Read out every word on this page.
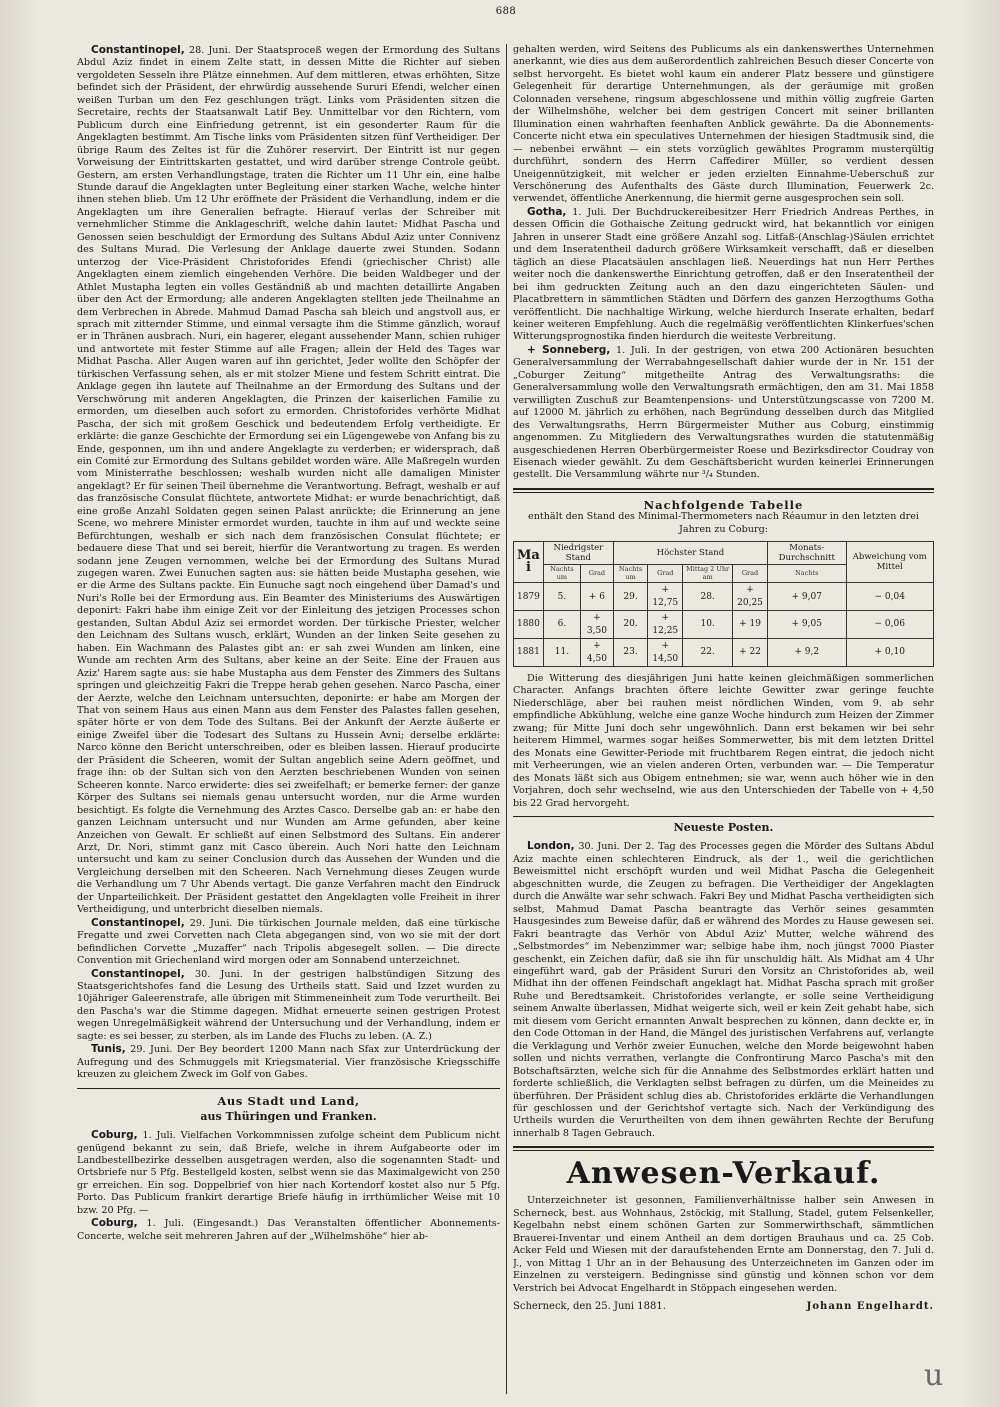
688

Constantinopel, 28. Juni. Der Staatsproceß wegen der Ermordung des Sultans Abdul Aziz findet in einem Zelte statt, in dessen Mitte die Richter auf sieben vergoldeten Sesseln ihre Plätze einnehmen. Auf dem mittleren, etwas erhöhten, Sitze befindet sich der Präsident, der ehrwürdig aussehende Sururi Efendi, welcher einen weißen Turban um den Fez geschlungen trägt. Links vom Präsidenten sitzen die Secretaire, rechts der Staatsanwalt Latif Bey. Unmittelbar vor den Richtern, vom Publicum durch eine Einfriedung getrennt, ist ein gesonderter Raum für die Angeklagten bestimmt. Am Tische links vom Präsidenten sitzen fünf Vertheidiger. Der übrige Raum des Zeltes ist für die Zuhörer reservirt. Der Eintritt ist nur gegen Vorweisung der Eintrittskarten gestattet, und wird darüber strenge Controle geübt. Gestern, am ersten Verhandlungstage, traten die Richter um 11 Uhr ein, eine halbe Stunde darauf die Angeklagten unter Begleitung einer starken Wache, welche hinter ihnen stehen blieb. Um 12 Uhr eröffnete der Präsident die Verhandlung, indem er die Angeklagten um ihre Generalien befragte. Hierauf verlas der Schreiber mit vernehmlicher Stimme die Anklageschrift, welche dahin lautet: Midhat Pascha und Genossen seien beschuldigt der Ermordung des Sultans Abdul Aziz unter Connivenz des Sultans Murad. Die Verlesung der Anklage dauerte zwei Stunden. Sodann unterzog der Vice-Präsident Christoforides Efendi (griechischer Christ) alle Angeklagten einem ziemlich eingehenden Verhöre. Die beiden Waldbeger und der Athlet Mustapha legten ein volles Geständniß ab und machten detaillirte Angaben über den Act der Ermordung; alle anderen Angeklagten stellten jede Theilnahme an dem Verbrechen in Abrede. Mahmud Damad Pascha sah bleich und angstvoll aus, er sprach mit zitternder Stimme, und einmal versagte ihm die Stimme gänzlich, worauf er in Thränen ausbrach. Nuri, ein hagerer, elegant aussehender Mann, schien ruhiger und antwortete mit fester Stimme auf alle Fragen; allein der Held des Tages war Midhat Pascha. Aller Augen waren auf ihn gerichtet, Jeder wollte den Schöpfer der türkischen Verfassung sehen, als er mit stolzer Miene und festem Schritt eintrat. Die Anklage gegen ihn lautete auf Theilnahme an der Ermordung des Sultans und der Verschwörung mit anderen Angeklagten, die Prinzen der kaiserlichen Familie zu ermorden, um dieselben auch sofort zu ermorden. Christoforides verhörte Midhat Pascha, der sich mit großem Geschick und bedeutendem Erfolg vertheidigte. Er erklärte: die ganze Geschichte der Ermordung sei ein Lügengewebe von Anfang bis zu Ende, gesponnen, um ihn und andere Angeklagte zu verderben; er widersprach, daß ein Comité zur Ermordung des Sultans gebildet worden wäre. Alle Maßregeln wurden vom Ministerrathe beschlossen; weshalb wurden nicht alle damaligen Minister angeklagt? Er für seinen Theil übernehme die Verantwortung. Befragt, weshalb er auf das französische Consulat flüchtete, antwortete Midhat: er wurde benachrichtigt, daß eine große Anzahl Soldaten gegen seinen Palast anrückte; die Erinnerung an jene Scene, wo mehrere Minister ermordet wurden, tauchte in ihm auf und weckte seine Befürchtungen, weshalb er sich nach dem französischen Consulat flüchtete; er bedauere diese That und sei bereit, hierfür die Verantwortung zu tragen. Es werden sodann jene Zeugen vernommen, welche bei der Ermordung des Sultans Murad zugegen waren. Zwei Eunuchen sagten aus: sie hätten beide Mustapha gesehen, wie er die Arme des Sultans packte. Ein Eunuche sagt noch eingehend über Damad's und Nuri's Rolle bei der Ermordung aus. Ein Beamter des Ministeriums des Auswärtigen deponirt: Fakri habe ihm einige Zeit vor der Einleitung des jetzigen Processes schon gestanden, Sultan Abdul Aziz sei ermordet worden. Der türkische Priester, welcher den Leichnam des Sultans wusch, erklärt, Wunden an der linken Seite gesehen zu haben. Ein Wachmann des Palastes gibt an: er sah zwei Wunden am linken, eine Wunde am rechten Arm des Sultans, aber keine an der Seite. Eine der Frauen aus Aziz' Harem sagte aus: sie habe Mustapha aus dem Fenster des Zimmers des Sultans springen und gleichzeitig Fakri die Treppe herab gehen gesehen. Narco Pascha, einer der Aerzte, welche den Leichnam untersuchten, deponirte: er habe am Morgen der That von seinem Haus aus einen Mann aus dem Fenster des Palastes fallen gesehen, später hörte er von dem Tode des Sultans. Bei der Ankunft der Aerzte äußerte er einige Zweifel über die Todesart des Sultans zu Hussein Avni; derselbe erklärte: Narco könne den Bericht unterschreiben, oder es bleiben lassen. Hierauf producirte der Präsident die Scheeren, womit der Sultan angeblich seine Adern geöffnet, und frage ihn: ob der Sultan sich von den Aerzten beschriebenen Wunden von seinen Scheeren konnte. Narco erwiderte: dies sei zweifelhaft; er bemerke ferner: der ganze Körper des Sultans sei niemals genau untersucht worden, nur die Arme wurden besichtigt. Es folgte die Vernehmung des Arztes Casco. Derselbe gab an: er habe den ganzen Leichnam untersucht und nur Wunden am Arme gefunden, aber keine Anzeichen von Gewalt. Er schließt auf einen Selbstmord des Sultans. Ein anderer Arzt, Dr. Nori, stimmt ganz mit Casco überein. Auch Nori hatte den Leichnam untersucht und kam zu seiner Conclusion durch das Aussehen der Wunden und die Vergleichung derselben mit den Scheeren. Nach Vernehmung dieses Zeugen wurde die Verhandlung um 7 Uhr Abends vertagt. Die ganze Verfahren macht den Eindruck der Unparteilichkeit. Der Präsident gestattet den Angeklagten volle Freiheit in ihrer Vertheidigung, und unterbricht dieselben niemals.

Constantinopel, 29. Juni. Die türkischen Journale melden, daß eine türkische Fregatte und zwei Corvetten nach Cleta abgegangen sind, von wo sie mit der dort befindlichen Corvette „Muzaffer“ nach Tripolis abgesegelt sollen. — Die directe Convention mit Griechenland wird morgen oder am Sonnabend unterzeichnet.

Constantinopel, 30. Juni. In der gestrigen halbstündigen Sitzung des Staatsgerichtshofes fand die Lesung des Urtheils statt. Said und Izzet wurden zu 10jähriger Galeerenstrafe, alle übrigen mit Stimmeneinheit zum Tode verurtheilt. Bei den Pascha's war die Stimme dagegen. Midhat erneuerte seinen gestrigen Protest wegen Unregelmäßigkeit während der Untersuchung und der Verhandlung, indem er sagte: es sei besser, zu sterben, als im Lande des Fluchs zu leben. (A. Z.)

Tunis, 29. Juni. Der Bey beordert 1200 Mann nach Sfax zur Unterdrückung der Aufregung und des Schmuggels mit Kriegsmaterial. Vier französische Kriegsschiffe kreuzen zu gleichem Zweck im Golf von Gabes.

Aus Stadt und Land,
aus Thüringen und Franken.

Coburg, 1. Juli. Vielfachen Vorkommnissen zufolge scheint dem Publicum nicht genügend bekannt zu sein, daß Briefe, welche in ihrem Aufgabeorte oder im Landbestellbezirke desselben ausgetragen werden, also die sogenannten Stadt- und Ortsbriefe nur 5 Pfg. Bestellgeld kosten, selbst wenn sie das Maximalgewicht von 250 gr erreichen. Ein sog. Doppelbrief von hier nach Kortendorf kostet also nur 5 Pfg. Porto. Das Publicum frankirt derartige Briefe häufig in irrthümlicher Weise mit 10 bzw. 20 Pfg. —

Coburg, 1. Juli. (Eingesandt.) Das Veranstalten öffentlicher Abonnements-Concerte, welche seit mehreren Jahren auf der „Wilhelmshöhe“ hier ab-

gehalten werden, wird Seitens des Publicums als ein dankenswerthes Unternehmen anerkannt, wie dies aus dem außerordentlich zahlreichen Besuch dieser Concerte von selbst hervorgeht. Es bietet wohl kaum ein anderer Platz bessere und günstigere Gelegenheit für derartige Unternehmungen, als der geräumige mit großen Colonnaden versehene, ringsum abgeschlossene und mithin völlig zugfreie Garten der Wilhelmshöhe, welcher bei dem gestrigen Concert mit seiner brillanten Illumination einen wahrhaften feenhaften Anblick gewährte. Da die Abonnements-Concerte nicht etwa ein speculatives Unternehmen der hiesigen Stadtmusik sind, die — nebenbei erwähnt — ein stets vorzüglich gewähltes Programm musterqültig durchführt, sondern des Herrn Caffedirer Müller, so verdient dessen Uneigennützigkeit, mit welcher er jeden erzielten Einnahme-Ueberschuß zur Verschönerung des Aufenthalts des Gäste durch Illumination, Feuerwerk 2c. verwendet, öffentliche Anerkennung, die hiermit gerne ausgesprochen sein soll.

Gotha, 1. Juli. Der Buchdruckereibesitzer Herr Friedrich Andreas Perthes, in dessen Officin die Gothaische Zeitung gedruckt wird, hat bekanntlich vor einigen Jahren in unserer Stadt eine größere Anzahl sog. Litfaß-(Anschlag-)Säulen errichtet und dem Inseratentheil dadurch größere Wirksamkeit verschafft, daß er dieselben täglich an diese Placatsäulen anschlagen ließ. Neuerdings hat nun Herr Perthes weiter noch die dankenswerthe Einrichtung getroffen, daß er den Inseratentheil der bei ihm gedruckten Zeitung auch an den dazu eingerichteten Säulen- und Placatbrettern in sämmtlichen Städten und Dörfern des ganzen Herzogthums Gotha veröffentlicht. Die nachhaltige Wirkung, welche hierdurch Inserate erhalten, bedarf keiner weiteren Empfehlung. Auch die regelmäßig veröffentlichten Klinkerfues'schen Witterungsprognostika finden hierdurch die weiteste Verbreitung.

+ Sonneberg, 1. Juli. In der gestrigen, von etwa 200 Actionären besuchten Generalversammlung der Werrabahngesellschaft dahier wurde der in Nr. 151 der „Coburger Zeitung“ mitgetheilte Antrag des Verwaltungsraths: die Generalversammlung wolle den Verwaltungsrath ermächtigen, den am 31. Mai 1858 verwilligten Zuschuß zur Beamtenpensions- und Unterstützungscasse von 7200 M. auf 12000 M. jährlich zu erhöhen, nach Begründung desselben durch das Mitglied des Verwaltungsraths, Herrn Bürgermeister Muther aus Coburg, einstimmig angenommen. Zu Mitgliedern des Verwaltungsrathes wurden die statutenmäßig ausgeschiedenen Herren Oberbürgermeister Roese und Bezirksdirector Coudray von Eisenach wieder gewählt. Zu dem Geschäftsbericht wurden keinerlei Erinnerungen gestellt. Die Versammlung währte nur ³/₄ Stunden.

Nachfolgende Tabelle
enthält den Stand des Minimal-Thermometers nach Réaumur in den letzten drei Jahren zu Coburg:
Mai	Niedrigster Stand		Höchster Stand				Monats-Durchschnitt	Abweichung vom Mittel
	Nachts um	Grad	Nachts um	Grad	Mittag 2 Uhr am	Grad	Nachts	

1879	5.	+ 6	29.	+ 12,75	28.	+ 20,25	+ 9,07	− 0,04
1880	6.	+ 3,50	20.	+ 12,25	10.	+ 19	+ 9,05	− 0,06
1881	11.	+ 4,50	23.	+ 14,50	22.	+ 22	+ 9,2	+ 0,10

Die Witterung des diesjährigen Juni hatte keinen gleichmäßigen sommerlichen Character. Anfangs brachten öftere leichte Gewitter zwar geringe feuchte Niederschläge, aber bei rauhen meist nördlichen Winden, vom 9. ab sehr empfindliche Abkühlung, welche eine ganze Woche hindurch zum Heizen der Zimmer zwang; für Mitte Juni doch sehr ungewöhnlich. Dann erst bekamen wir bei sehr heiterem Himmel, warmes sogar heißes Sommerwetter, bis mit dem letzten Drittel des Monats eine Gewitter-Periode mit fruchtbarem Regen eintrat, die jedoch nicht mit Verheerungen, wie an vielen anderen Orten, verbunden war. — Die Temperatur des Monats läßt sich aus Obigem entnehmen; sie war, wenn auch höher wie in den Vorjahren, doch sehr wechselnd, wie aus den Unterschieden der Tabelle von + 4,50 bis 22 Grad hervorgeht.

Neueste Posten.

London, 30. Juni. Der 2. Tag des Processes gegen die Mörder des Sultans Abdul Aziz machte einen schlechteren Eindruck, als der 1., weil die gerichtlichen Beweismittel nicht erschöpft wurden und weil Midhat Pascha die Gelegenheit abgeschnitten wurde, die Zeugen zu befragen. Die Vertheidiger der Angeklagten durch die Anwälte war sehr schwach. Fakri Bey und Midhat Pascha vertheidigten sich selbst, Mahmud Damat Pascha beantragte das Verhör seines gesammten Hausgesindes zum Beweise dafür, daß er während des Mordes zu Hause gewesen sei. Fakri beantragte das Verhör von Abdul Aziz' Mutter, welche während des „Selbstmordes“ im Nebenzimmer war; selbige habe ihm, noch jüngst 7000 Piaster geschenkt, ein Zeichen dafür, daß sie ihn für unschuldig hält. Als Midhat am 4 Uhr eingeführt ward, gab der Präsident Sururi den Vorsitz an Christoforides ab, weil Midhat ihn der offenen Feindschaft angeklagt hat. Midhat Pascha sprach mit großer Ruhe und Beredtsamkeit. Christoforides verlangte, er solle seine Vertheidigung seinem Anwalte überlassen, Midhat weigerte sich, weil er kein Zeit gehabt habe, sich mit diesem vom Gericht ernannten Anwalt besprechen zu können, dann deckte er, in den Code Ottoman in der Hand, die Mängel des juristischen Verfahrens auf, verlangte die Verklagung und Verhör zweier Eunuchen, welche den Morde beigewohnt haben sollen und nichts verrathen, verlangte die Confrontirung Marco Pascha's mit den Botschaftsärzten, welche sich für die Annahme des Selbstmordes erklärt hatten und forderte schließlich, die Verklagten selbst befragen zu dürfen, um die Meineides zu überführen. Der Präsident schlug dies ab. Christoforides erklärte die Verhandlungen für geschlossen und der Gerichtshof vertagte sich. Nach der Verkündigung des Urtheils wurden die Verurtheilten von dem ihnen gewährten Rechte der Berufung innerhalb 8 Tagen Gebrauch.

Anwesen-Verkauf.

Unterzeichneter ist gesonnen, Familienverhältnisse halber sein Anwesen in Scherneck, best. aus Wohnhaus, 2stöckig, mit Stallung, Stadel, gutem Felsenkeller, Kegelbahn nebst einem schönen Garten zur Sommerwirthschaft, sämmtlichen Brauerei-Inventar und einem Antheil an dem dortigen Brauhaus und ca. 25 Cob. Acker Feld und Wiesen mit der daraufstehenden Ernte am Donnerstag, den 7. Juli d. J., von Mittag 1 Uhr an in der Behausung des Unterzeichneten im Ganzen oder im Einzelnen zu versteigern. Bedingnisse sind günstig und können schon vor dem Verstrich bei Advocat Engelhardt in Stöppach eingesehen werden.

Scherneck, den 25. Juni 1881.	Johann Engelhardt.
u
